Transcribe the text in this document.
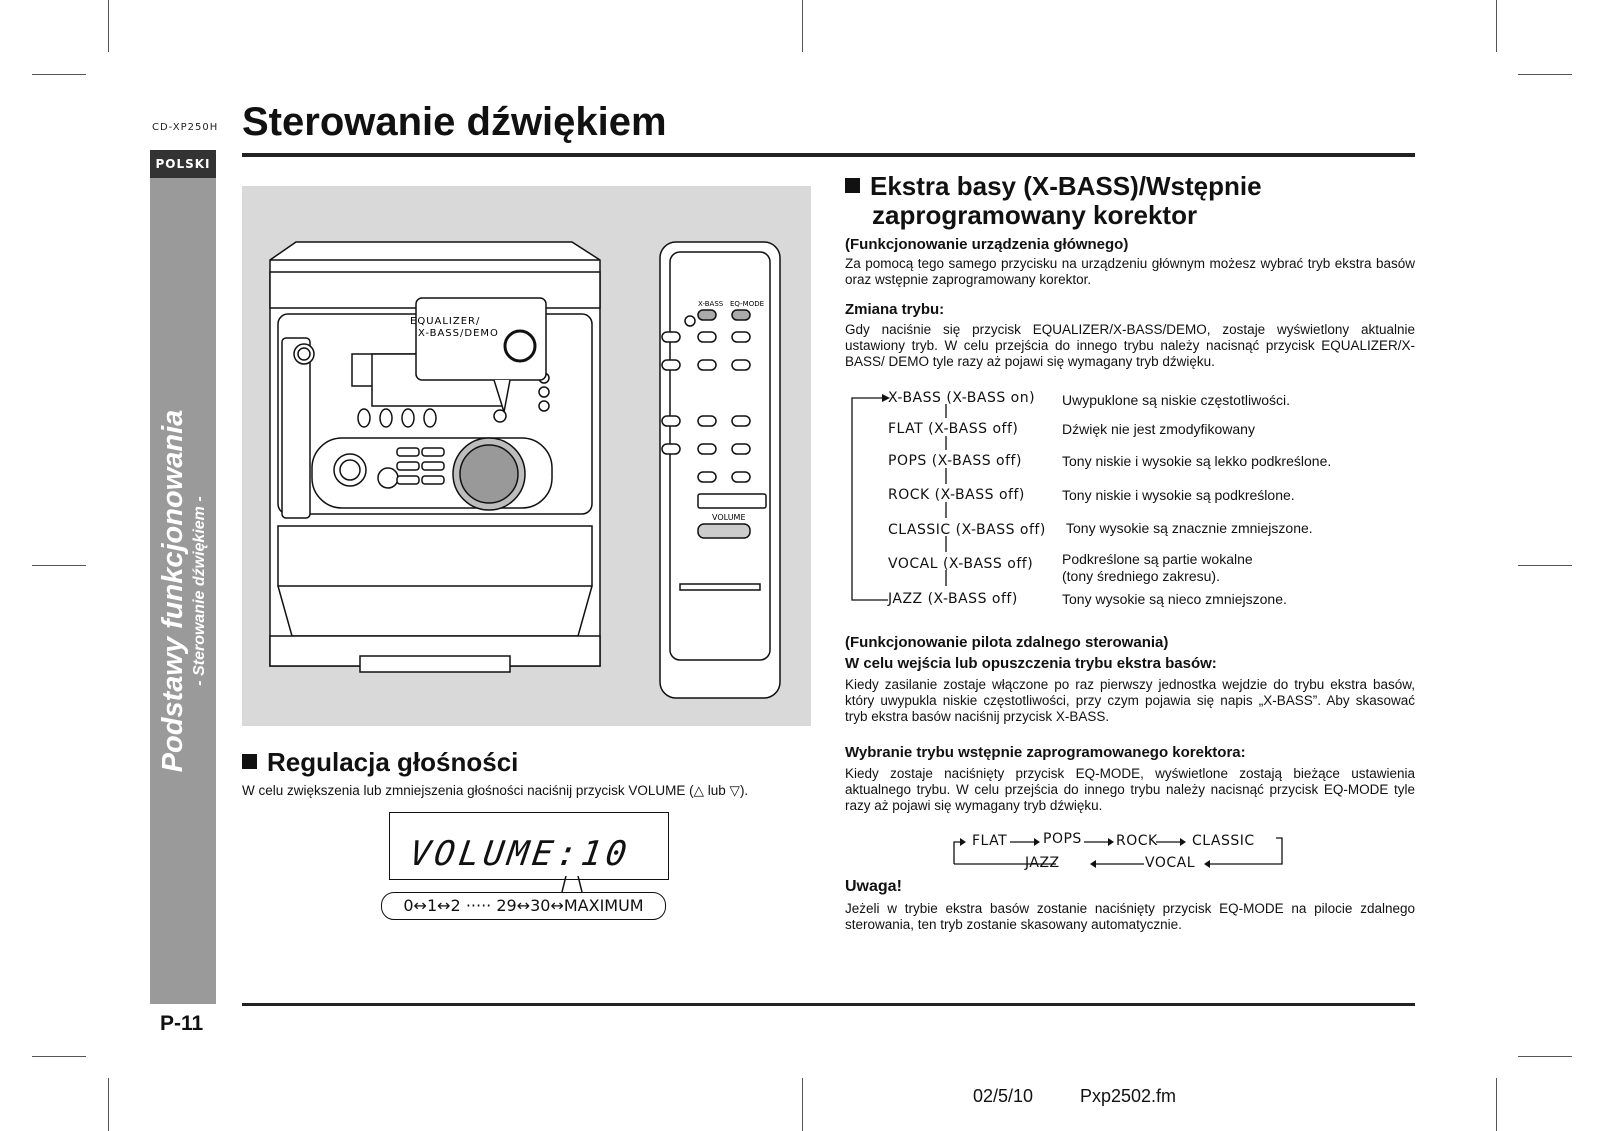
CD-XP250H
POLSKI
Sterowanie dźwiękiem
Podstawy funkcjonowania - Sterowanie dźwiękiem -
EQUALIZER/
X-BASS/DEMO
X-BASS EQ-MODE
VOLUME
Regulacja głośności
W celu zwiększenia lub zmniejszenia głośności naciśnij przycisk VOLUME (△ lub ▽).
VOLUME:10
0↔1↔2 ····· 29↔30↔MAXIMUM
Ekstra basy (X-BASS)/Wstępnie
zaprogramowany korektor
(Funkcjonowanie urządzenia głównego)
Za pomocą tego samego przycisku na urządzeniu głównym możesz wybrać tryb ekstra basów oraz wstępnie zaprogramowany korektor.
Zmiana trybu:
Gdy naciśnie się przycisk EQUALIZER/X-BASS/DEMO, zostaje wyświetlony aktualnie ustawiony tryb. W celu przejścia do innego trybu należy nacisnąć przycisk EQUALIZER/X-BASS/ DEMO tyle razy aż pojawi się wymagany tryb dźwięku.
X-BASS (X-BASS on) Uwypuklone są niskie częstotliwości.
FLAT (X-BASS off)	Dźwięk nie jest zmodyfikowany
POPS (X-BASS off)	Tony niskie i wysokie są lekko podkreślone.
ROCK (X-BASS off)	Tony niskie i wysokie są podkreślone.
CLASSIC (X-BASS off) Tony wysokie są znacznie zmniejszone.
VOCAL (X-BASS off) Podkreślone są partie wokalne
(tony średniego zakresu).
JAZZ (X-BASS off)	Tony wysokie są nieco zmniejszone.
(Funkcjonowanie pilota zdalnego sterowania)
W celu wejścia lub opuszczenia trybu ekstra basów:
Kiedy zasilanie zostaje włączone po raz pierwszy jednostka wejdzie do trybu ekstra basów, który uwypukla niskie częstotliwości, przy czym pojawia się napis „X-BASS”. Aby skasować tryb ekstra basów naciśnij przycisk X-BASS.
Wybranie trybu wstępnie zaprogramowanego korektora:
Kiedy zostaje naciśnięty przycisk EQ-MODE, wyświetlone zostają bieżące ustawienia aktualnego trybu. W celu przejścia do innego trybu należy nacisnąć przycisk EQ-MODE tyle razy aż pojawi się wymagany tryb dźwięku.
FLAT	POPS ROCK CLASSIC
JAZZ	VOCAL
Uwaga!
Jeżeli w trybie ekstra basów zostanie naciśnięty przycisk EQ-MODE na pilocie zdalnego sterowania, ten tryb zostanie skasowany automatycznie.
P-11
02/5/10	Pxp2502.fm
